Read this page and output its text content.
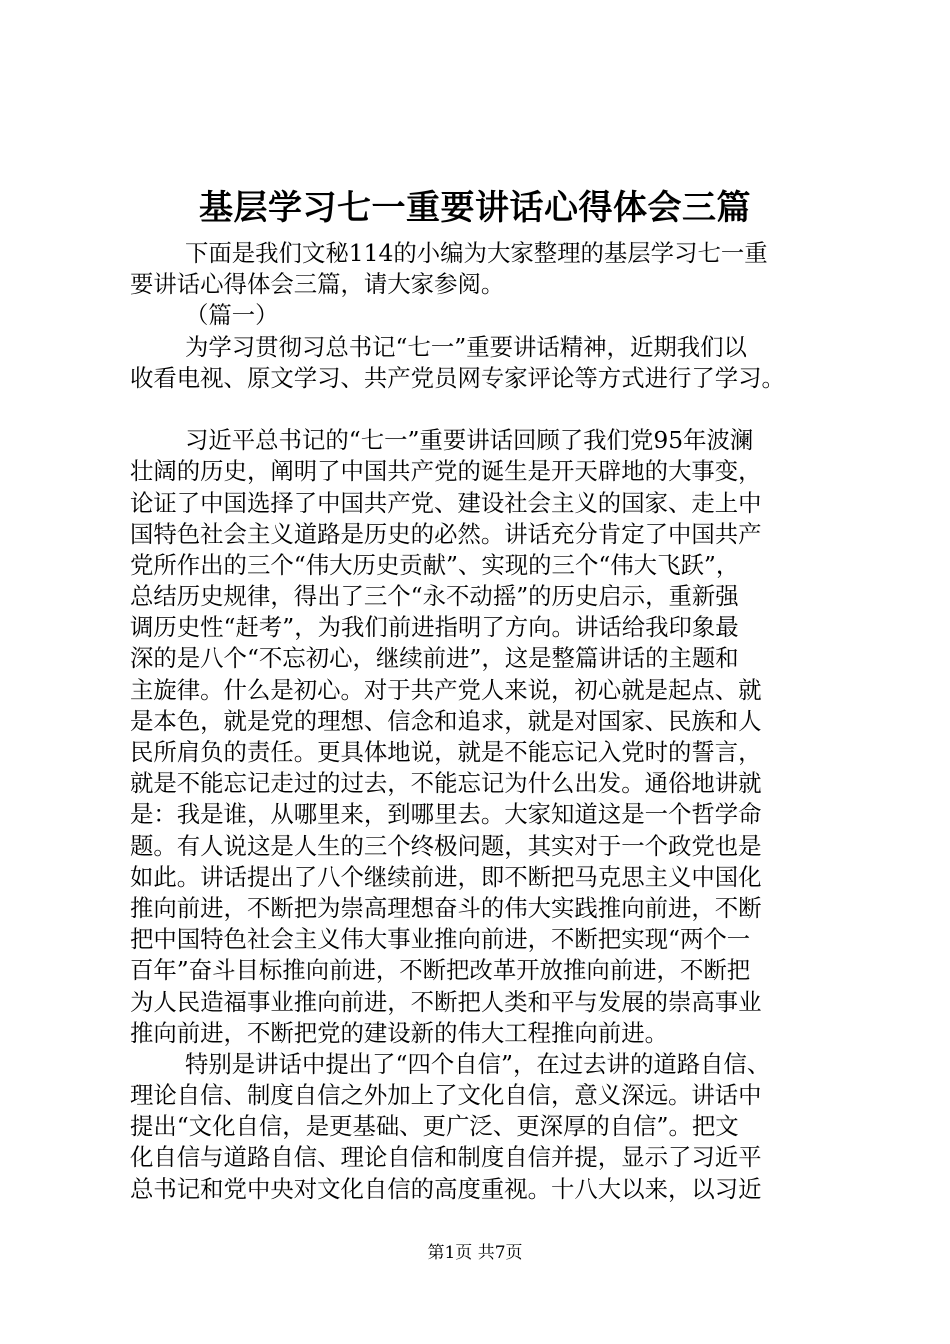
基层学习七一重要讲话心得体会三篇
下面是我们文秘114的小编为大家整理的基层学习七一重
要讲话心得体会三篇，请大家参阅。
（篇一）
为学习贯彻习总书记“七一”重要讲话精神，近期我们以
收看电视、原文学习、共产党员网专家评论等方式进行了学习。
习近平总书记的“七一”重要讲话回顾了我们党95年波澜
壮阔的历史，阐明了中国共产党的诞生是开天辟地的大事变，
论证了中国选择了中国共产党、建设社会主义的国家、走上中
国特色社会主义道路是历史的必然。讲话充分肯定了中国共产
党所作出的三个“伟大历史贡献”、实现的三个“伟大飞跃”，
总结历史规律，得出了三个“永不动摇”的历史启示，重新强
调历史性“赶考”，为我们前进指明了方向。讲话给我印象最
深的是八个“不忘初心，继续前进”，这是整篇讲话的主题和
主旋律。什么是初心。对于共产党人来说，初心就是起点、就
是本色，就是党的理想、信念和追求，就是对国家、民族和人
民所肩负的责任。更具体地说，就是不能忘记入党时的誓言，
就是不能忘记走过的过去，不能忘记为什么出发。通俗地讲就
是：我是谁，从哪里来，到哪里去。大家知道这是一个哲学命
题。有人说这是人生的三个终极问题，其实对于一个政党也是
如此。讲话提出了八个继续前进，即不断把马克思主义中国化
推向前进，不断把为崇高理想奋斗的伟大实践推向前进，不断
把中国特色社会主义伟大事业推向前进，不断把实现“两个一
百年”奋斗目标推向前进，不断把改革开放推向前进，不断把
为人民造福事业推向前进，不断把人类和平与发展的崇高事业
推向前进，不断把党的建设新的伟大工程推向前进。
特别是讲话中提出了“四个自信”，在过去讲的道路自信、
理论自信、制度自信之外加上了文化自信，意义深远。讲话中
提出“文化自信，是更基础、更广泛、更深厚的自信”。把文
化自信与道路自信、理论自信和制度自信并提，显示了习近平
总书记和党中央对文化自信的高度重视。十八大以来，以习近
第1页 共7页
